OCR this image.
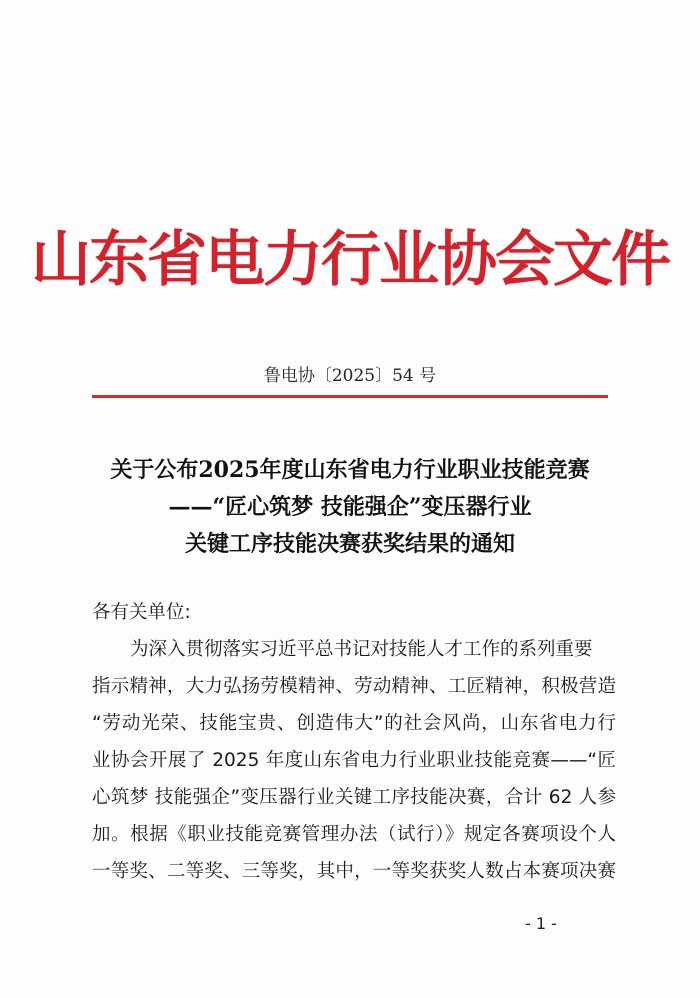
山东省电力行业协会文件
鲁电协〔2025〕54 号
关于公布2025年度山东省电力行业职业技能竞赛
——“匠心筑梦 技能强企”变压器行业
关键工序技能决赛获奖结果的通知
各有关单位:
为深入贯彻落实习近平总书记对技能人才工作的系列重要
指示精神，大力弘扬劳模精神、劳动精神、工匠精神，积极营造
“劳动光荣、技能宝贵、创造伟大”的社会风尚，山东省电力行
业协会开展了 2025 年度山东省电力行业职业技能竞赛——“匠
心筑梦 技能强企”变压器行业关键工序技能决赛，合计 62 人参
加。根据《职业技能竞赛管理办法（试行）》规定各赛项设个人
一等奖、二等奖、三等奖，其中，一等奖获奖人数占本赛项决赛
- 1 -
